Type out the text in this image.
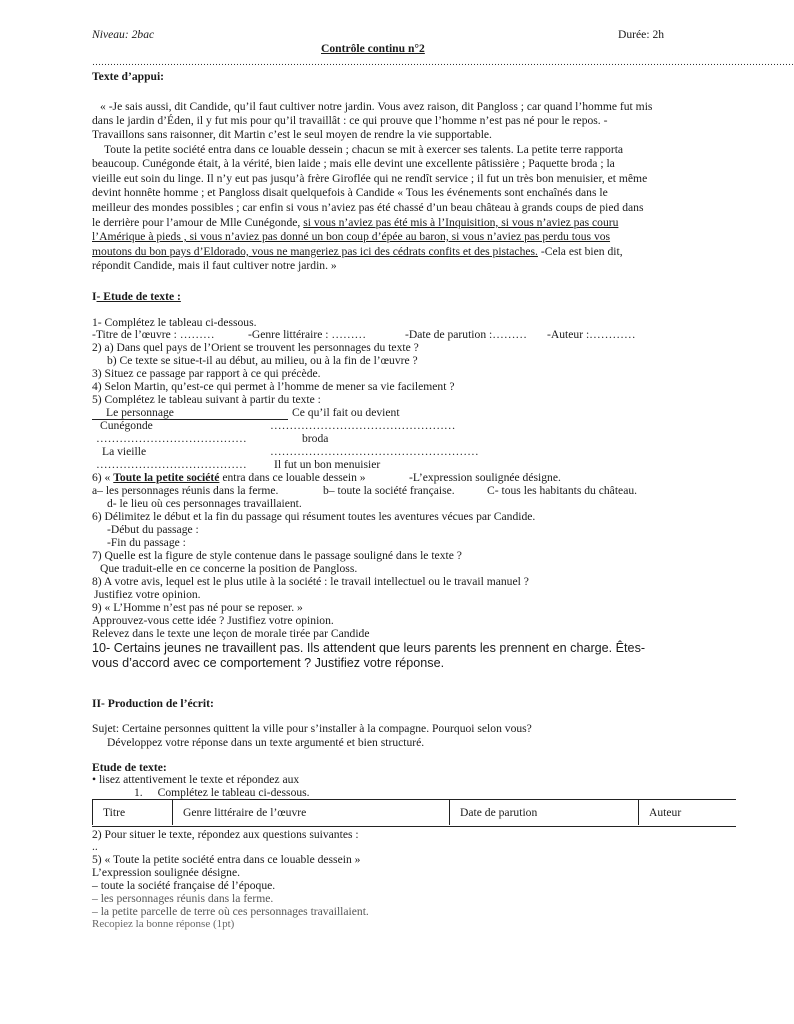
Niveau: 2bac	Durée: 2h
Contrôle continu n°2
………………………………………………………………………………………………………………………………………………………………………………………………………………
Texte d’appui:
« -Je sais aussi, dit Candide, qu’il faut cultiver notre jardin. Vous avez raison, dit Pangloss ; car quand l’homme fut mis
dans le jardin d’Éden, il y fut mis pour qu’il travaillât : ce qui prouve que l’homme n’est pas né pour le repos. -
Travaillons sans raisonner, dit Martin c’est le seul moyen de rendre la vie supportable.
Toute la petite société entra dans ce louable dessein ; chacun se mit à exercer ses talents. La petite terre rapporta
beaucoup. Cunégonde était, à la vérité, bien laide ; mais elle devint une excellente pâtissière ; Paquette broda ; la
vieille eut soin du linge. Il n’y eut pas jusqu’à frère Giroflée qui ne rendît service ; il fut un très bon menuisier, et même
devint honnête homme ; et Pangloss disait quelquefois à Candide « Tous les événements sont enchaînés dans le
meilleur des mondes possibles ; car enfin si vous n’aviez pas été chassé d’un beau château à grands coups de pied dans
le derrière pour l’amour de Mlle Cunégonde, si vous n’aviez pas été mis à l’Inquisition, si vous n’aviez pas couru
l’Amérique à pieds , si vous n’aviez pas donné un bon coup d’épée au baron, si vous n’aviez pas perdu tous vos
moutons du bon pays d’Eldorado, vous ne mangeriez pas ici des cédrats confits et des pistaches. -Cela est bien dit,
répondit Candide, mais il faut cultiver notre jardin. »
I- Etude de texte :
1- Complétez le tableau ci-dessous.
-Titre de l’œuvre : ………	-Genre littéraire : ………	-Date de parution :……… -Auteur :…………
2) a) Dans quel pays de l’Orient se trouvent les personnages du texte ?
b) Ce texte se situe-t-il au début, au milieu, ou à la fin de l’œuvre ?
3) Situez ce passage par rapport à ce qui précède.
4) Selon Martin, qu’est-ce qui permet à l’homme de mener sa vie facilement ?
5) Complétez le tableau suivant à partir du texte :
Le personnage	Ce qu’il fait ou devient
Cunégonde	…………………………………………
…………………………………	broda
La vieille	………………………………………………
………………………………… Il fut un bon menuisier
6) « Toute la petite société entra dans ce louable dessein »	-L’expression soulignée désigne.
a– les personnages réunis dans la ferme.	b– toute la société française.	C- tous les habitants du château.
d- le lieu où ces personnages travaillaient.
6) Délimitez le début et la fin du passage qui résument toutes les aventures vécues par Candide.
-Début du passage :
-Fin du passage :
7) Quelle est la figure de style contenue dans le passage souligné dans le texte ?
Que traduit-elle en ce concerne la position de Pangloss.
8) A votre avis, lequel est le plus utile à la société : le travail intellectuel ou le travail manuel ?
Justifiez votre opinion.
9) « L’Homme n’est pas né pour se reposer. »
Approuvez-vous cette idée ? Justifiez votre opinion.
Relevez dans le texte une leçon de morale tirée par Candide
10- Certains jeunes ne travaillent pas. Ils attendent que leurs parents les prennent en charge. Êtes-
vous d’accord avec ce comportement ? Justifiez votre réponse.
II- Production de l’écrit:
Sujet: Certaine personnes quittent la ville pour s’installer à la compagne. Pourquoi selon vous?
Développez votre réponse dans un texte argumenté et bien structuré.
Etude de texte:
• lisez attentivement le texte et répondez aux
1. Complétez le tableau ci-dessous.
Titre	Genre littéraire de l’œuvre	Date de parution	Auteur
2) Pour situer le texte, répondez aux questions suivantes :
..
5) « Toute la petite société entra dans ce louable dessein »
L’expression soulignée désigne.
– toute la société française dé l’époque.
– les personnages réunis dans la ferme.
– la petite parcelle de terre où ces personnages travaillaient.
Recopiez la bonne réponse (1pt)
